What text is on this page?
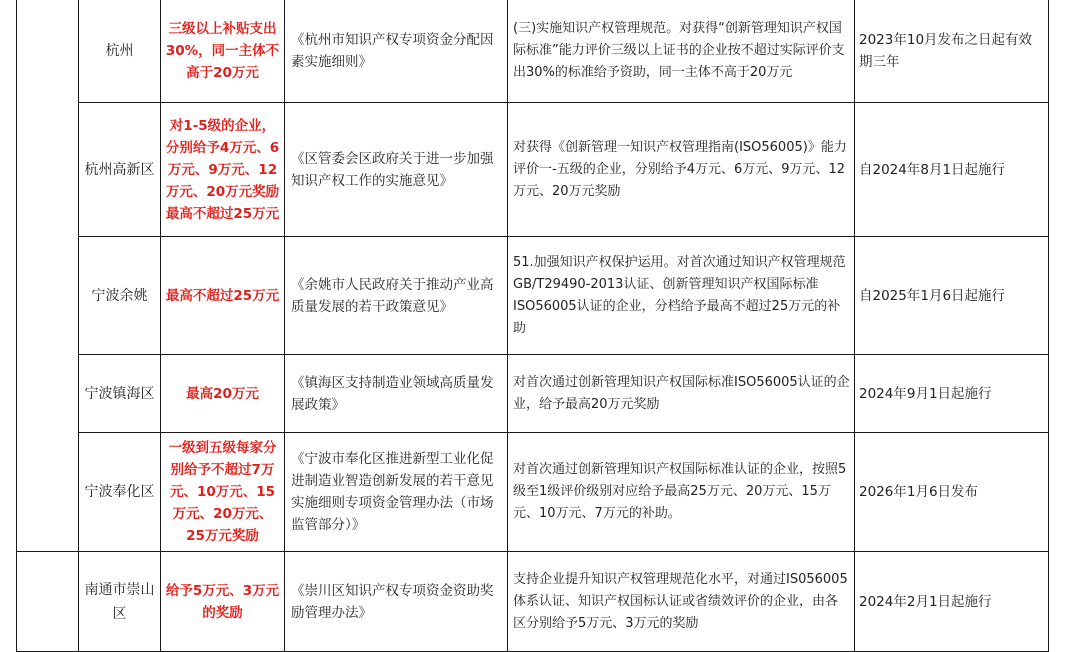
	杭州	三级以上补贴支出30%，同一主体不高于20万元	《杭州市知识产权专项资金分配因素实施细则》	(三)实施知识产权管理规范。对获得“创新管理知识产权国际标准”能力评价三级以上证书的企业按不超过实际评价支出30%的标准给予资助，同一主体不高于20万元	2023年10月发布之日起有效期三年
	杭州高新区	对1-5级的企业，分别给予4万元、6万元、9万元、12万元、20万元奖励最高不超过25万元	《区管委会区政府关于进一步加强知识产权工作的实施意见》	对获得《创新管理一知识产权管理指南(ISO56005)》能力评价一-五级的企业，分别给予4万元、6万元、9万元、12万元、20万元奖励	自2024年8月1日起施行
	宁波余姚	最高不超过25万元	《余姚市人民政府关于推动产业高质量发展的若干政策意见》	51.加强知识产权保护运用。对首次通过知识产权管理规范GB/T29490-2013认证、创新管理知识产权国际标准ISO56005认证的企业，分档给予最高不超过25万元的补助	自2025年1月6日起施行
	宁波镇海区	最高20万元	《镇海区支持制造业领域高质量发展政策》	对首次通过创新管理知识产权国际标准ISO56005认证的企业，给予最高20万元奖励	2024年9月1日起施行
	宁波奉化区	一级到五级每家分别给予不超过7万元、10万元、15万元、20万元、25万元奖励	《宁波市奉化区推进新型工业化促进制造业智造创新发展的若干意见实施细则专项资金管理办法（市场监管部分）》	对首次通过创新管理知识产权国际标准认证的企业，按照5级至1级评价级别对应给予最高25万元、20万元、15万元、10万元、7万元的补助。	2026年1月6日发布
	南通市崇山区	给予5万元、3万元的奖励	《崇川区知识产权专项资金资助奖励管理办法》	支持企业提升知识产权管理规范化水平，对通过IS056005体系认证、知识产权国标认证或省绩效评价的企业，由各区分别给予5万元、3万元的奖励	2024年2月1日起施行
